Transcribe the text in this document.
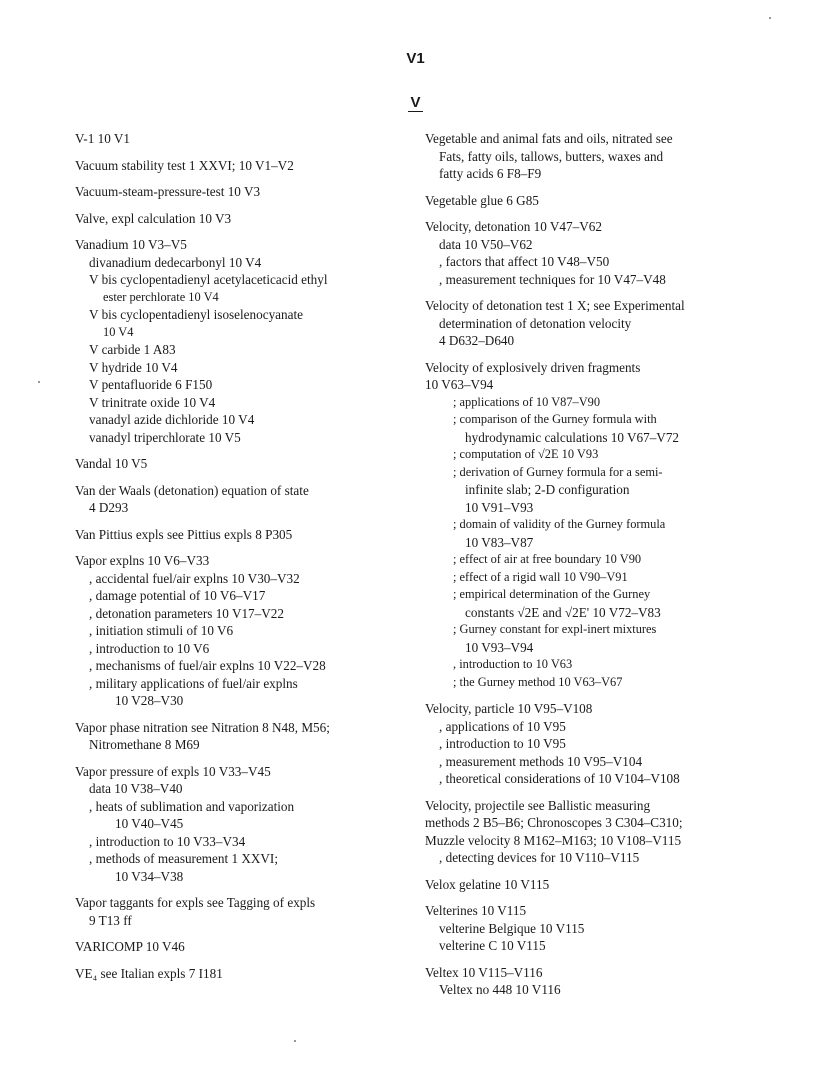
V1
V
V-1 10 V1
Vacuum stability test 1 XXVI; 10 V1–V2
Vacuum-steam-pressure-test 10 V3
Valve, expl calculation 10 V3
Vanadium 10 V3–V5
divanadium dedecarbonyl 10 V4
V bis cyclopentadienyl acetylaceticacid ethyl
ester perchlorate 10 V4
V bis cyclopentadienyl isoselenocyanate
10 V4
V carbide 1 A83
V hydride 10 V4
V pentafluoride 6 F150
V trinitrate oxide 10 V4
vanadyl azide dichloride 10 V4
vanadyl triperchlorate 10 V5
Vandal 10 V5
Van der Waals (detonation) equation of state
4 D293
Van Pittius expls see Pittius expls 8 P305
Vapor explns 10 V6–V33
, accidental fuel/air explns 10 V30–V32
, damage potential of 10 V6–V17
, detonation parameters 10 V17–V22
, initiation stimuli of 10 V6
, introduction to 10 V6
, mechanisms of fuel/air explns 10 V22–V28
, military applications of fuel/air explns
10 V28–V30
Vapor phase nitration see Nitration 8 N48, M56;
Nitromethane 8 M69
Vapor pressure of expls 10 V33–V45
data 10 V38–V40
, heats of sublimation and vaporization
10 V40–V45
, introduction to 10 V33–V34
, methods of measurement 1 XXVI;
10 V34–V38
Vapor taggants for expls see Tagging of expls
9 T13 ff
VARICOMP 10 V46
VE₄ see Italian expls 7 I181
Vegetable and animal fats and oils, nitrated see
Fats, fatty oils, tallows, butters, waxes and
fatty acids 6 F8–F9
Vegetable glue 6 G85
Velocity, detonation 10 V47–V62
data 10 V50–V62
, factors that affect 10 V48–V50
, measurement techniques for 10 V47–V48
Velocity of detonation test 1 X; see Experimental
determination of detonation velocity
4 D632–D640
Velocity of explosively driven fragments
10 V63–V94
; applications of 10 V87–V90
; comparison of the Gurney formula with
hydrodynamic calculations 10 V67–V72
; computation of √2E 10 V93
; derivation of Gurney formula for a semi-
infinite slab; 2-D configuration
10 V91–V93
; domain of validity of the Gurney formula
10 V83–V87
; effect of air at free boundary 10 V90
; effect of a rigid wall 10 V90–V91
; empirical determination of the Gurney
constants √2E and √2E' 10 V72–V83
; Gurney constant for expl-inert mixtures
10 V93–V94
, introduction to 10 V63
; the Gurney method 10 V63–V67
Velocity, particle 10 V95–V108
, applications of 10 V95
, introduction to 10 V95
, measurement methods 10 V95–V104
, theoretical considerations of 10 V104–V108
Velocity, projectile see Ballistic measuring
methods 2 B5–B6; Chronoscopes 3 C304–C310;
Muzzle velocity 8 M162–M163; 10 V108–V115
, detecting devices for 10 V110–V115
Velox gelatine 10 V115
Velterines 10 V115
velterine Belgique 10 V115
velterine C 10 V115
Veltex 10 V115–V116
Veltex no 448 10 V116
